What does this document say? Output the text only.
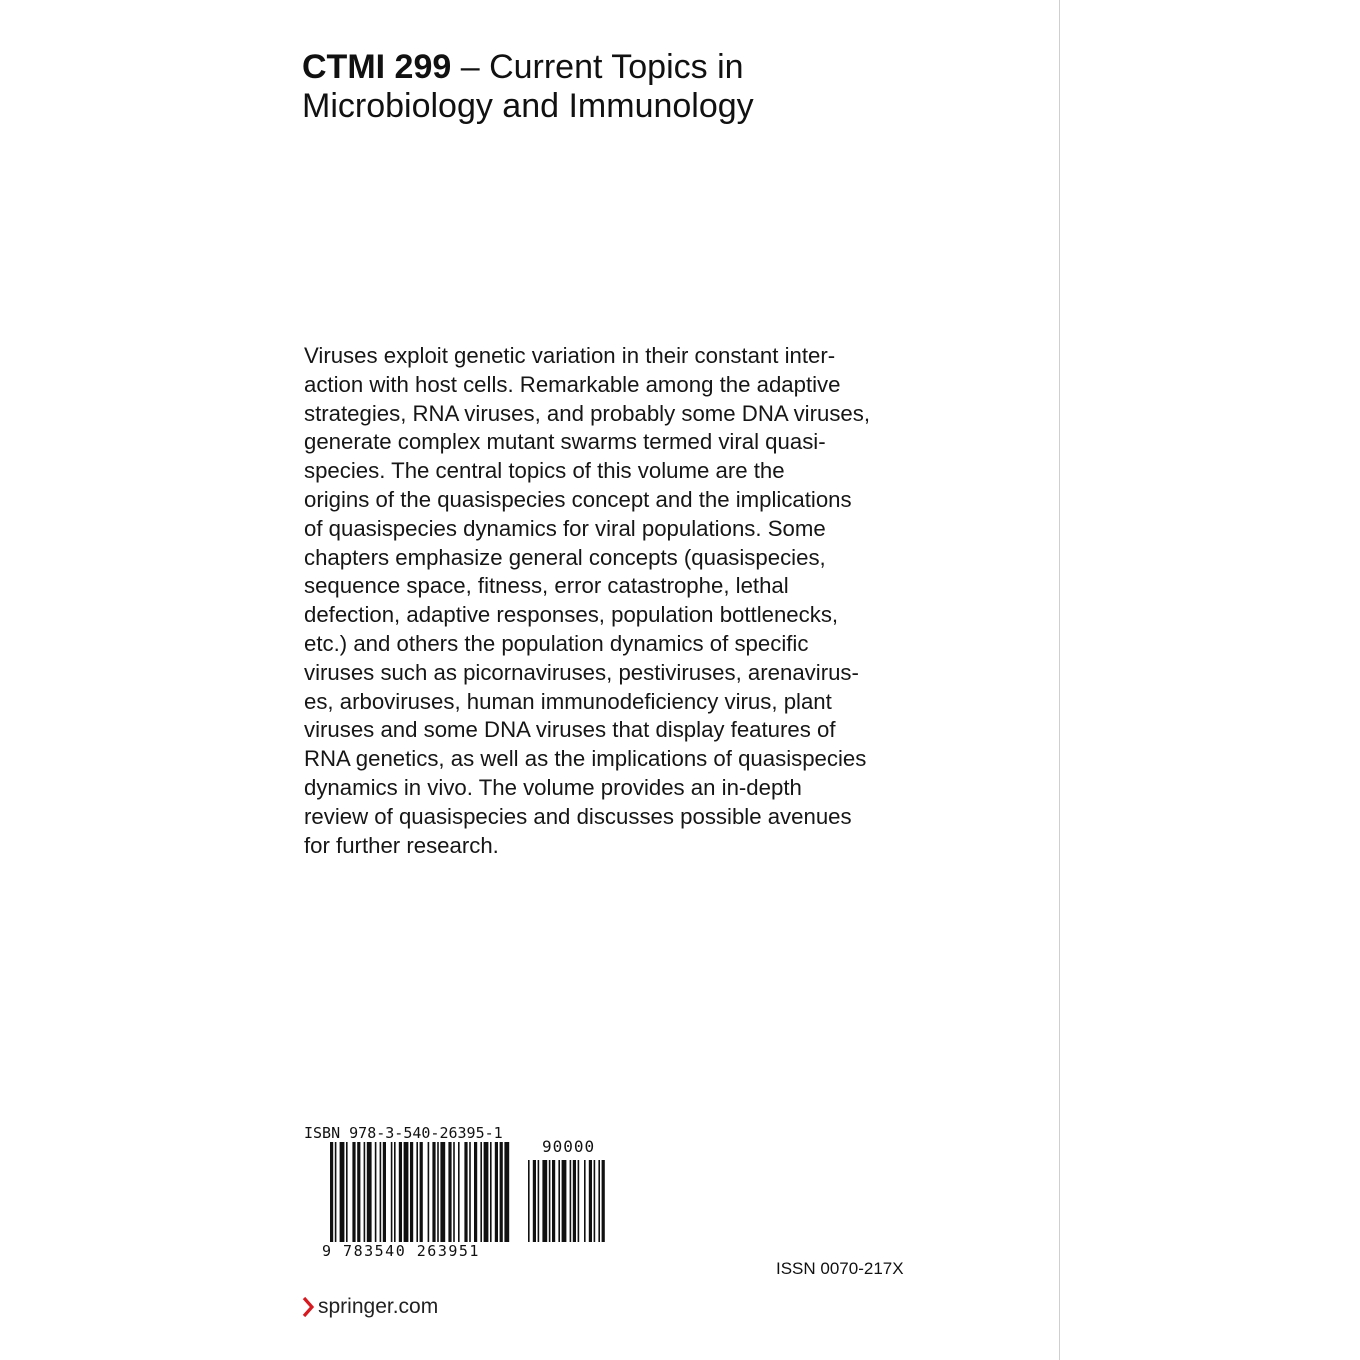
CTMI 299 – Current Topics in
Microbiology and Immunology
Viruses exploit genetic variation in their constant inter-
action with host cells. Remarkable among the adaptive
strategies, RNA viruses, and probably some DNA viruses,
generate complex mutant swarms termed viral quasi-
species. The central topics of this volume are the
origins of the quasispecies concept and the implications
of quasispecies dynamics for viral populations. Some
chapters emphasize general concepts (quasispecies,
sequence space, fitness, error catastrophe, lethal
defection, adaptive responses, population bottlenecks,
etc.) and others the population dynamics of specific
viruses such as picornaviruses, pestiviruses, arenavirus-
es, arboviruses, human immunodeficiency virus, plant
viruses and some DNA viruses that display features of
RNA genetics, as well as the implications of quasispecies
dynamics in vivo. The volume provides an in-depth
review of quasispecies and discusses possible avenues
for further research.
ISBN 978-3-540-26395-1
90000
9 783540 263951
ISSN 0070-217X
springer.com
